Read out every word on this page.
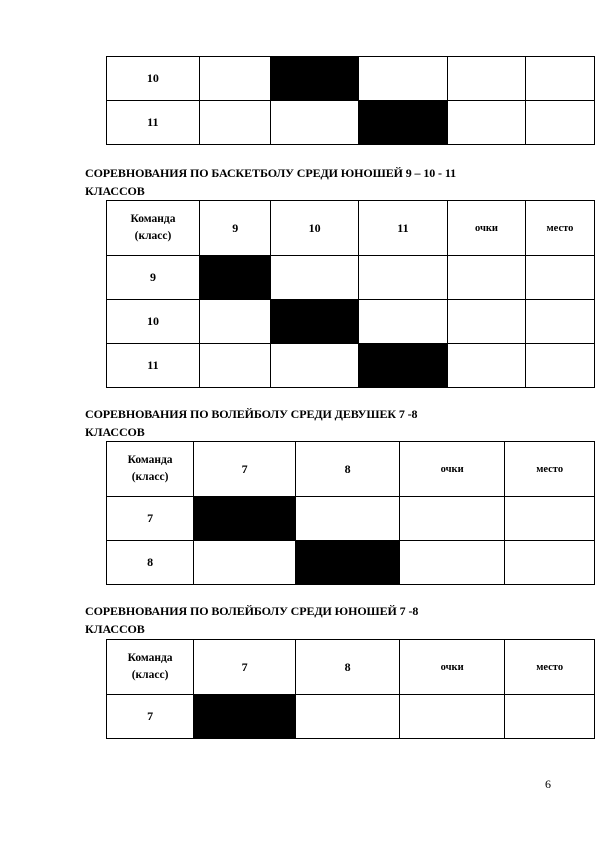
10					
11					
СОРЕВНОВАНИЯ ПО БАСКЕТБОЛУ СРЕДИ ЮНОШЕЙ 9 – 10 - 11
КЛАССОВ
Команда
(класс)	9	10	11	очки	место
9					
10					
11					
СОРЕВНОВАНИЯ ПО ВОЛЕЙБОЛУ СРЕДИ ДЕВУШЕК 7 -8
КЛАССОВ
Команда
(класс)	7	8	очки	место
7				
8				
СОРЕВНОВАНИЯ ПО ВОЛЕЙБОЛУ СРЕДИ ЮНОШЕЙ 7 -8
КЛАССОВ
Команда
(класс)	7	8	очки	место
7				
6
